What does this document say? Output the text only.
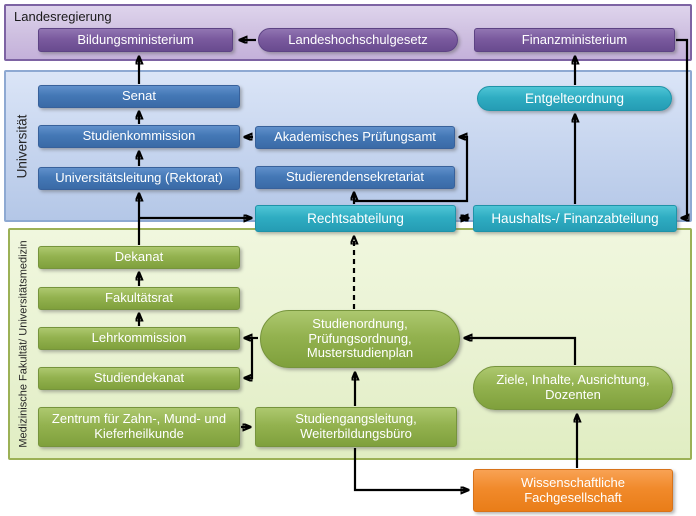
Landesregierung
Universität
Medizinische Fakultät/ Universitätsmedizin
Bildungsministerium	Landeshochschulgesetz	Finanzministerium
Senat
Studienkommission
Universitätsleitung (Rektorat)
Akademisches Prüfungsamt
Studierendensekretariat
Entgelteordnung
Rechtsabteilung	Haushalts-/ Finanzabteilung
Dekanat
Fakultätsrat
Lehrkommission
Studiendekanat
Zentrum für Zahn-, Mund- und Kieferheilkunde
Studienordnung, Prüfungsordnung, Musterstudienplan
Studiengangsleitung, Weiterbildungsbüro
Ziele, Inhalte, Ausrichtung, Dozenten
Wissenschaftliche Fachgesellschaft
